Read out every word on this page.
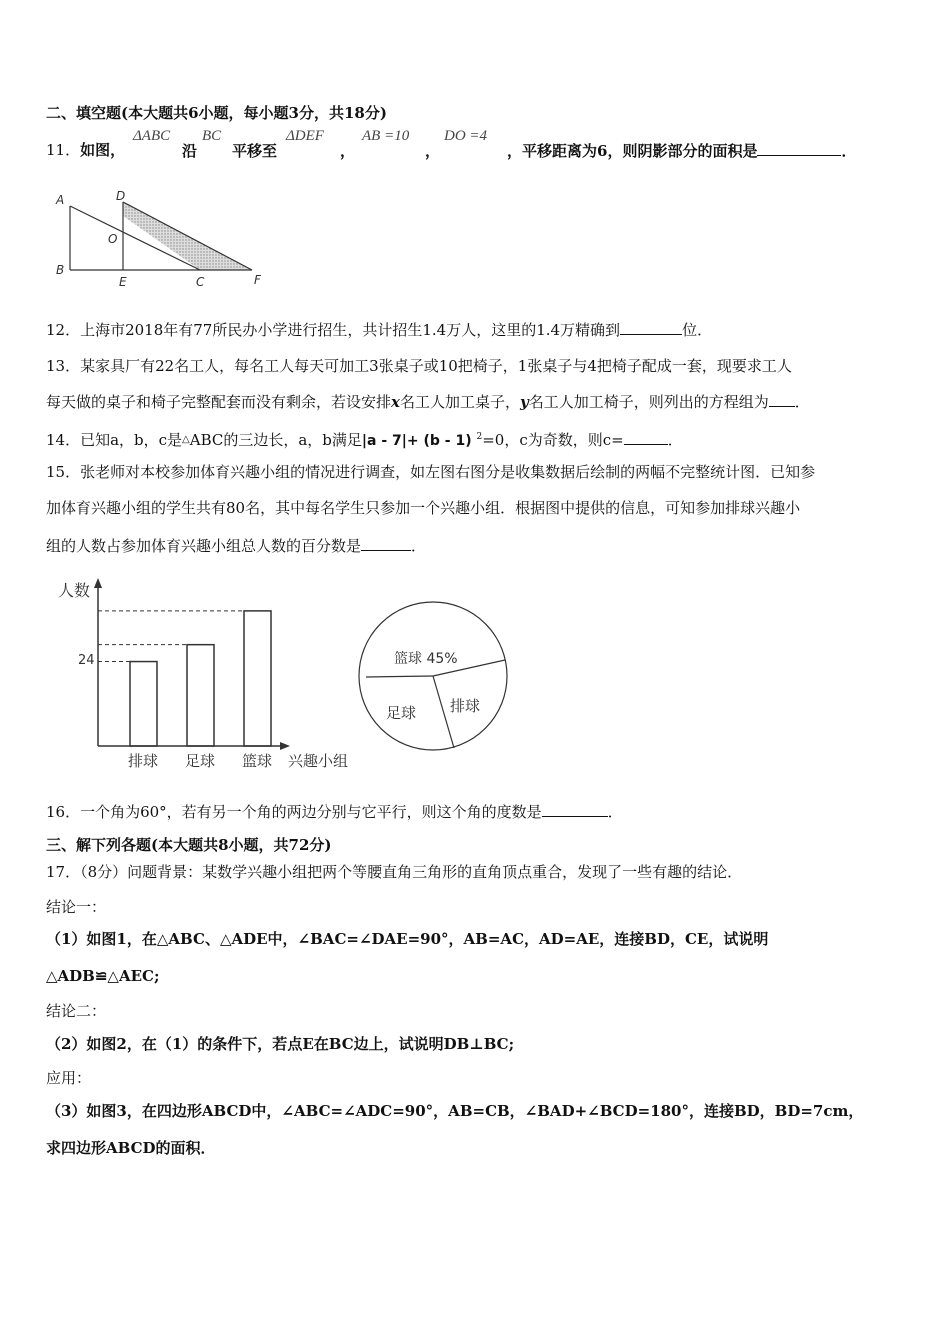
二、填空题(本大题共6小题，每小题3分，共18分)
11．如图，
ΔABC
沿
BC
平移至
ΔDEF
，
AB =10
，
DO =4
，平移距离为6，则阴影部分的面积是	．
A	D
O
B
E	C	F
12．上海市2018年有77所民办小学进行招生，共计招生1.4万人，这里的1.4万精确到	位．
13．某家具厂有22名工人，每名工人每天可加工3张桌子或10把椅子，1张桌子与4把椅子配成一套，现要求工人
每天做的桌子和椅子完整配套而没有剩余，若设安排x名工人加工桌子，y名工人加工椅子，则列出的方程组为 ．
14．已知a，b，c是△ABC的三边长，a，b满足|a - 7|+ (b - 1) $^2$=0，c为奇数，则c=	．
15．张老师对本校参加体育兴趣小组的情况进行调查，如左图右图分是收集数据后绘制的两幅不完整统计图．已知参
加体育兴趣小组的学生共有80名，其中每名学生只参加一个兴趣小组．根据图中提供的信息，可知参加排球兴趣小
组的人数占参加体育兴趣小组总人数的百分数是	．
人数
兴趣小组
24
排球 足球 篮球
篮球 45%
足球 排球
16．一个角为60°，若有另一个角的两边分别与它平行，则这个角的度数是	．
三、解下列各题(本大题共8小题，共72分)
17．（8分）问题背景：某数学兴趣小组把两个等腰直角三角形的直角顶点重合，发现了一些有趣的结论．
结论一：
（1）如图1，在△ABC、△ADE中，∠BAC=∠DAE=90°，AB=AC，AD=AE，连接BD，CE，试说明
△ADB≌△AEC;
结论二：
（2）如图2，在（1）的条件下，若点E在BC边上，试说明DB⊥BC;
应用：
（3）如图3，在四边形ABCD中，∠ABC=∠ADC=90°，AB=CB，∠BAD+∠BCD=180°，连接BD，BD=7cm，
求四边形ABCD的面积．
